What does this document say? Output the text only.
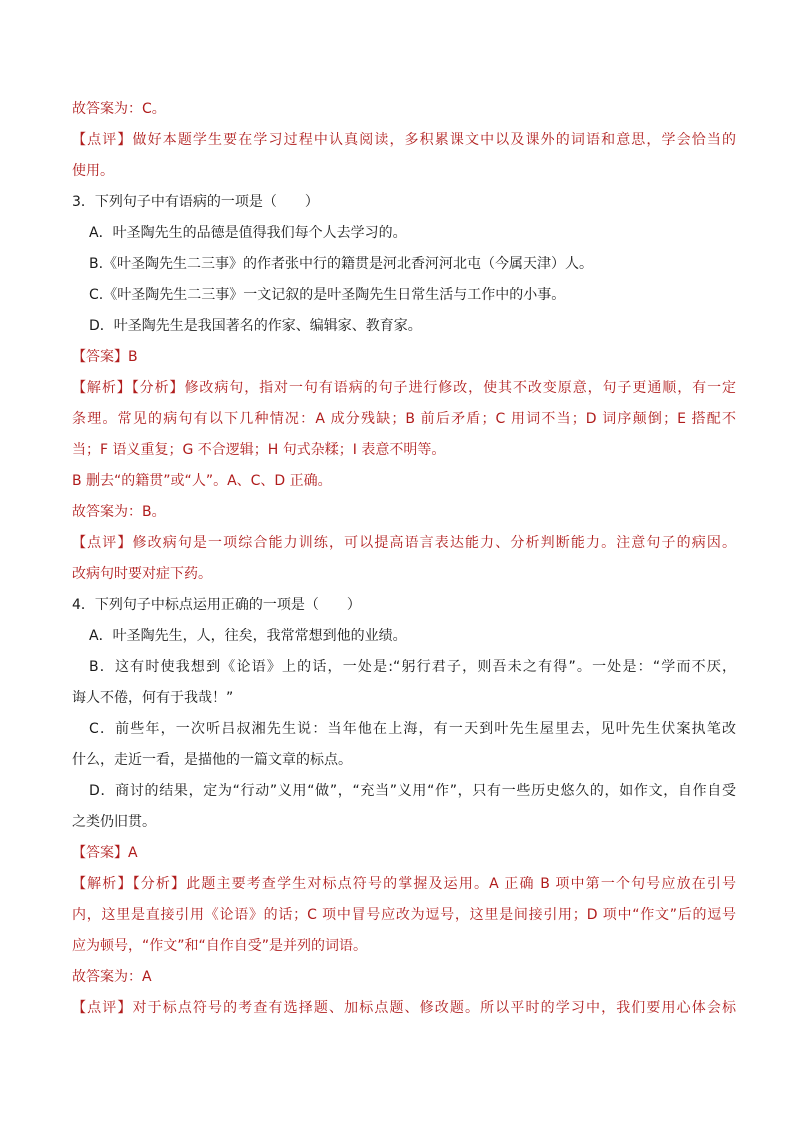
故答案为：C。
【点评】做好本题学生要在学习过程中认真阅读，多积累课文中以及课外的词语和意思，学会恰当的
使用。
3．下列句子中有语病的一项是（　　）
A．叶圣陶先生的品德是值得我们每个人去学习的。
B.《叶圣陶先生二三事》的作者张中行的籍贯是河北香河河北屯（今属天津）人。
C.《叶圣陶先生二三事》一文记叙的是叶圣陶先生日常生活与工作中的小事。
D．叶圣陶先生是我国著名的作家、编辑家、教育家。
【答案】B
【解析】【分析】修改病句，指对一句有语病的句子进行修改，使其不改变原意，句子更通顺，有一定
条理。常见的病句有以下几种情况：A 成分残缺；B 前后矛盾；C 用词不当；D 词序颠倒；E 搭配不
当；F 语义重复；G 不合逻辑；H 句式杂糅；I 表意不明等。
B 删去“的籍贯”或“人”。A、C、D 正确。
故答案为：B。
【点评】修改病句是一项综合能力训练，可以提高语言表达能力、分析判断能力。注意句子的病因。
改病句时要对症下药。
4．下列句子中标点运用正确的一项是（　　）
A．叶圣陶先生，人，往矣，我常常想到他的业绩。
B．这有时使我想到《论语》上的话，一处是:“躬行君子，则吾未之有得”。一处是：“学而不厌，
诲人不倦，何有于我哉！”
C．前些年，一次听吕叔湘先生说：当年他在上海，有一天到叶先生屋里去，见叶先生伏案执笔改
什么，走近一看，是描他的一篇文章的标点。
D．商讨的结果，定为“行动”义用“做”，“充当”义用“作”，只有一些历史悠久的，如作文，自作自受
之类仍旧贯。
【答案】A
【解析】【分析】此题主要考查学生对标点符号的掌握及运用。A 正确 B 项中第一个句号应放在引号
内，这里是直接引用《论语》的话；C 项中冒号应改为逗号，这里是间接引用；D 项中“作文”后的逗号
应为顿号，“作文”和“自作自受”是并列的词语。
故答案为：A
【点评】对于标点符号的考查有选择题、加标点题、修改题。所以平时的学习中，我们要用心体会标
